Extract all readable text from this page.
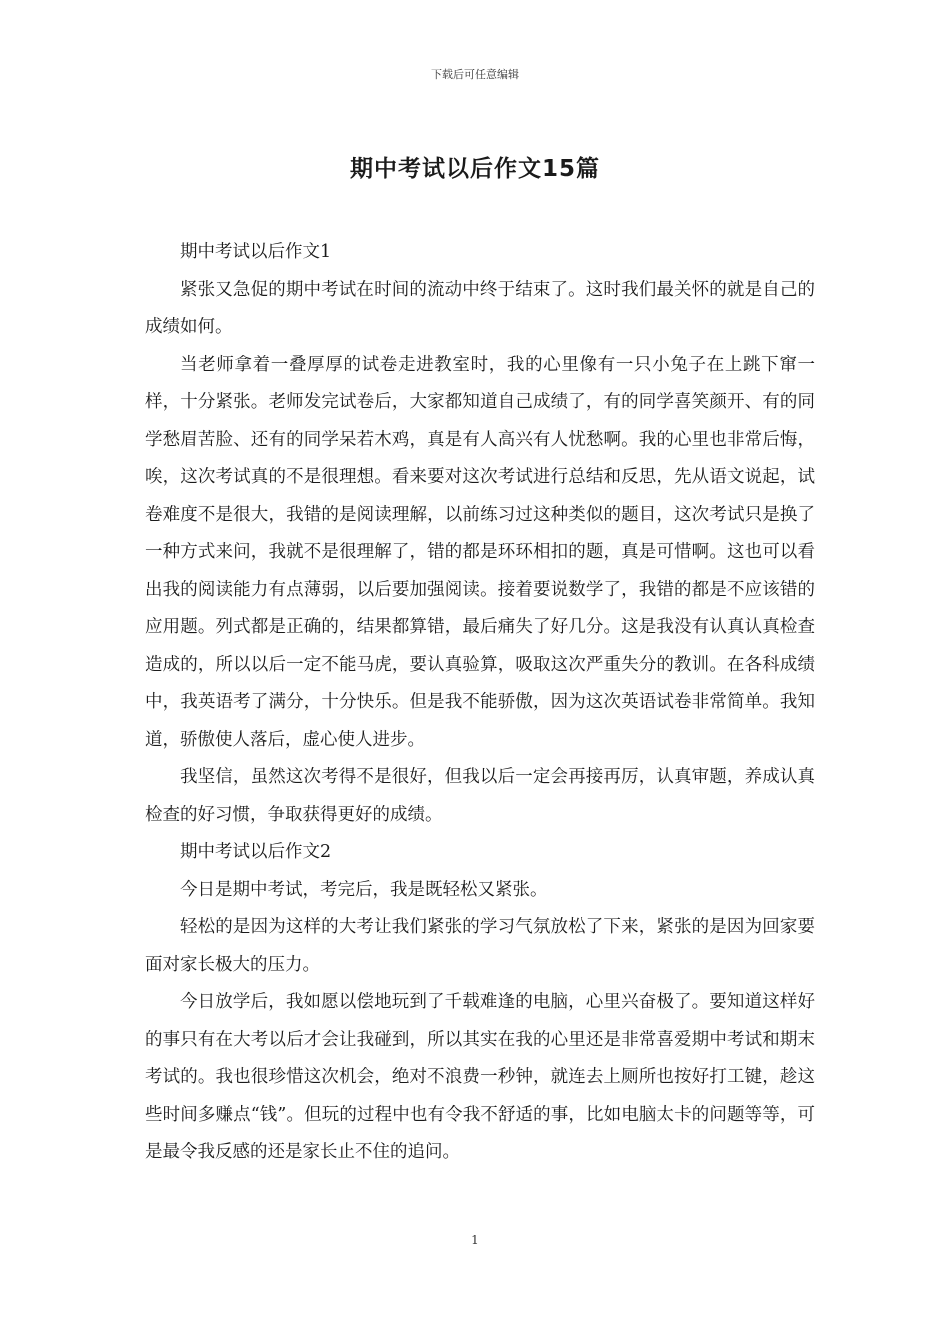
下载后可任意编辑
期中考试以后作文15篇

期中考试以后作文1

紧张又急促的期中考试在时间的流动中终于结束了。这时我们最关怀的就是自己的成绩如何。

当老师拿着一叠厚厚的试卷走进教室时，我的心里像有一只小兔子在上跳下窜一样，十分紧张。老师发完试卷后，大家都知道自己成绩了，有的同学喜笑颜开、有的同学愁眉苦脸、还有的同学呆若木鸡，真是有人高兴有人忧愁啊。我的心里也非常后悔，唉，这次考试真的不是很理想。看来要对这次考试进行总结和反思，先从语文说起，试卷难度不是很大，我错的是阅读理解，以前练习过这种类似的题目，这次考试只是换了一种方式来问，我就不是很理解了，错的都是环环相扣的题，真是可惜啊。这也可以看出我的阅读能力有点薄弱，以后要加强阅读。接着要说数学了，我错的都是不应该错的应用题。列式都是正确的，结果都算错，最后痛失了好几分。这是我没有认真认真检查造成的，所以以后一定不能马虎，要认真验算，吸取这次严重失分的教训。在各科成绩中，我英语考了满分，十分快乐。但是我不能骄傲，因为这次英语试卷非常简单。我知道，骄傲使人落后，虚心使人进步。

我坚信，虽然这次考得不是很好，但我以后一定会再接再厉，认真审题，养成认真检查的好习惯，争取获得更好的成绩。

期中考试以后作文2

今日是期中考试，考完后，我是既轻松又紧张。

轻松的是因为这样的大考让我们紧张的学习气氛放松了下来，紧张的是因为回家要面对家长极大的压力。

今日放学后，我如愿以偿地玩到了千载难逢的电脑，心里兴奋极了。要知道这样好的事只有在大考以后才会让我碰到，所以其实在我的心里还是非常喜爱期中考试和期末考试的。我也很珍惜这次机会，绝对不浪费一秒钟，就连去上厕所也按好打工键，趁这些时间多赚点“钱”。但玩的过程中也有令我不舒适的事，比如电脑太卡的问题等等，可是最令我反感的还是家长止不住的追问。

1
